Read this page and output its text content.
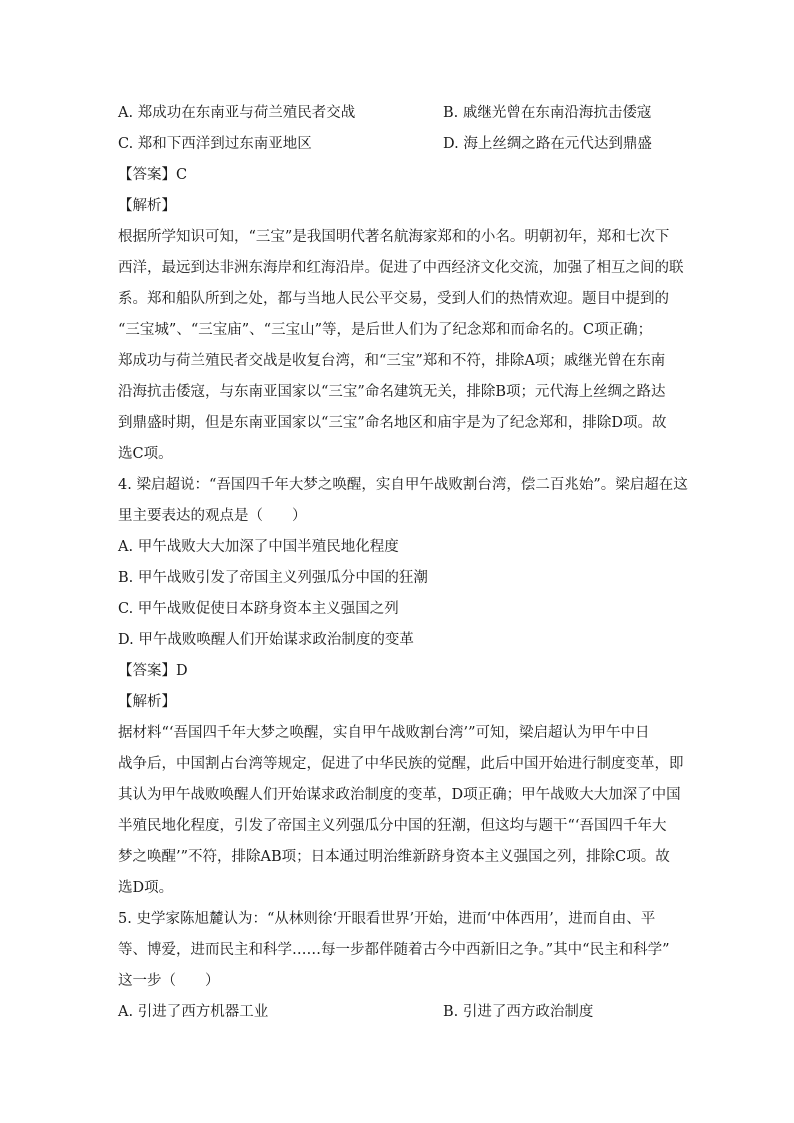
A. 郑成功在东南亚与荷兰殖民者交战	B. 戚继光曾在东南沿海抗击倭寇
C. 郑和下西洋到过东南亚地区	D. 海上丝绸之路在元代达到鼎盛
【答案】C
【解析】
根据所学知识可知，“三宝”是我国明代著名航海家郑和的小名。明朝初年，郑和七次下
西洋，最远到达非洲东海岸和红海沿岸。促进了中西经济文化交流，加强了相互之间的联
系。郑和船队所到之处，都与当地人民公平交易，受到人们的热情欢迎。题目中提到的
“三宝城”、“三宝庙”、“三宝山”等，是后世人们为了纪念郑和而命名的。C项正确；
郑成功与荷兰殖民者交战是收复台湾，和“三宝”郑和不符，排除A项；戚继光曾在东南
沿海抗击倭寇，与东南亚国家以“三宝”命名建筑无关，排除B项；元代海上丝绸之路达
到鼎盛时期，但是东南亚国家以“三宝”命名地区和庙宇是为了纪念郑和，排除D项。故
选C项。
4. 梁启超说：“吾国四千年大梦之唤醒，实自甲午战败割台湾，偿二百兆始”。梁启超在这
里主要表达的观点是（　　）
A. 甲午战败大大加深了中国半殖民地化程度
B. 甲午战败引发了帝国主义列强瓜分中国的狂潮
C. 甲午战败促使日本跻身资本主义强国之列
D. 甲午战败唤醒人们开始谋求政治制度的变革
【答案】D
【解析】
据材料“‘吾国四千年大梦之唤醒，实自甲午战败割台湾’”可知，梁启超认为甲午中日
战争后，中国割占台湾等规定，促进了中华民族的觉醒，此后中国开始进行制度变革，即
其认为甲午战败唤醒人们开始谋求政治制度的变革，D项正确；甲午战败大大加深了中国
半殖民地化程度，引发了帝国主义列强瓜分中国的狂潮，但这均与题干“‘吾国四千年大
梦之唤醒’”不符，排除AB项；日本通过明治维新跻身资本主义强国之列，排除C项。故
选D项。
5. 史学家陈旭麓认为：“从林则徐‘开眼看世界’开始，进而‘中体西用’，进而自由、平
等、博爱，进而民主和科学……每一步都伴随着古今中西新旧之争。”其中“民主和科学”
这一步（　　）
A. 引进了西方机器工业	B. 引进了西方政治制度
